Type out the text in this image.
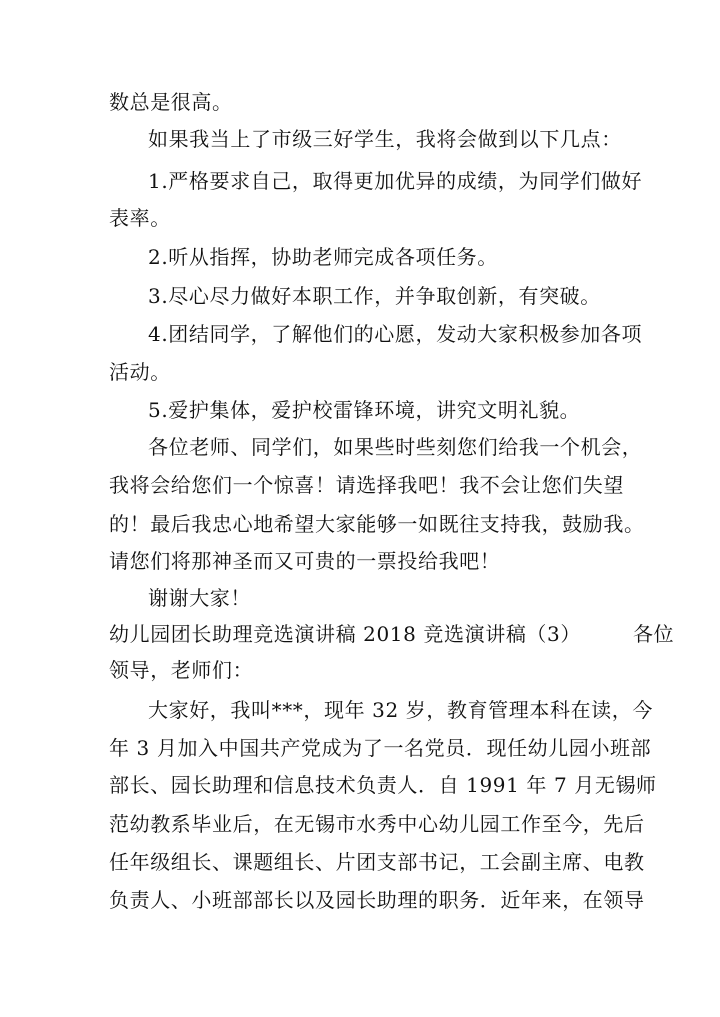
数总是很高。
如果我当上了市级三好学生，我将会做到以下几点：
1.严格要求自己，取得更加优异的成绩，为同学们做好
表率。
2.听从指挥，协助老师完成各项任务。
3.尽心尽力做好本职工作，并争取创新，有突破。
4.团结同学，了解他们的心愿，发动大家积极参加各项
活动。
5.爱护集体，爱护校雷锋环境，讲究文明礼貌。
各位老师、同学们，如果些时些刻您们给我一个机会，
我将会给您们一个惊喜！请选择我吧！我不会让您们失望
的！最后我忠心地希望大家能够一如既往支持我，鼓励我。
请您们将那神圣而又可贵的一票投给我吧！
谢谢大家！
幼儿园团长助理竞选演讲稿 2018 竞选演讲稿（3）	各位
领导，老师们：
大家好，我叫***，现年 32 岁，教育管理本科在读，今
年 3 月加入中国共产党成为了一名党员．现任幼儿园小班部
部长、园长助理和信息技术负责人．自 1991 年 7 月无锡师
范幼教系毕业后，在无锡市水秀中心幼儿园工作至今，先后
任年级组长、课题组长、片团支部书记，工会副主席、电教
负责人、小班部部长以及园长助理的职务．近年来，在领导
